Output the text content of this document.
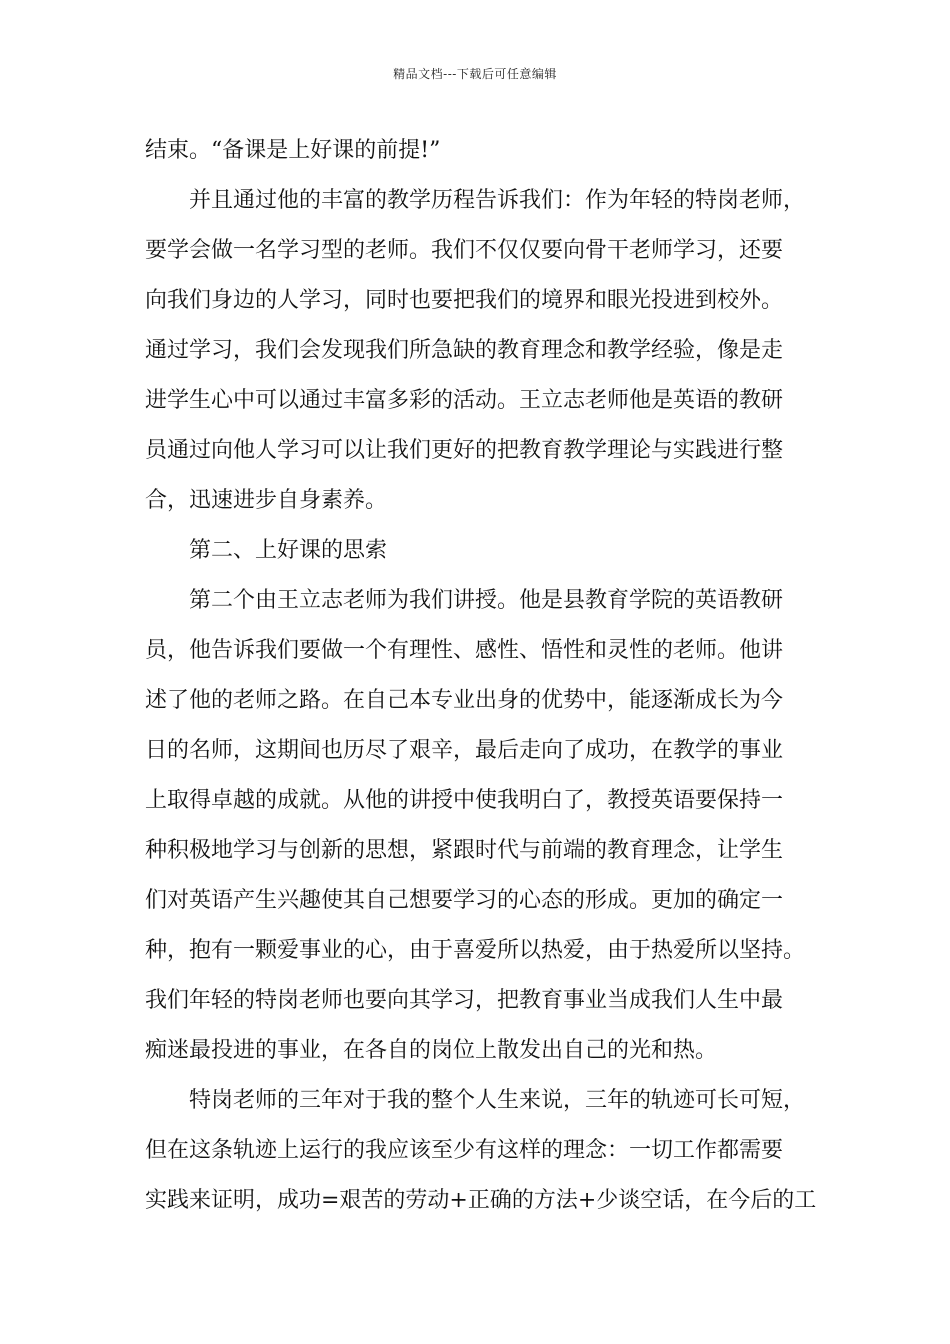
精品文档---下载后可任意编辑
结束。“备课是上好课的前提!”
并且通过他的丰富的教学历程告诉我们：作为年轻的特岗老师，
要学会做一名学习型的老师。我们不仅仅要向骨干老师学习，还要
向我们身边的人学习，同时也要把我们的境界和眼光投进到校外。
通过学习，我们会发现我们所急缺的教育理念和教学经验，像是走
进学生心中可以通过丰富多彩的活动。王立志老师他是英语的教研
员通过向他人学习可以让我们更好的把教育教学理论与实践进行整
合，迅速进步自身素养。
第二、上好课的思索
第二个由王立志老师为我们讲授。他是县教育学院的英语教研
员，他告诉我们要做一个有理性、感性、悟性和灵性的老师。他讲
述了他的老师之路。在自己本专业出身的优势中，能逐渐成长为今
日的名师，这期间也历尽了艰辛，最后走向了成功，在教学的事业
上取得卓越的成就。从他的讲授中使我明白了，教授英语要保持一
种积极地学习与创新的思想，紧跟时代与前端的教育理念，让学生
们对英语产生兴趣使其自己想要学习的心态的形成。更加的确定一
种，抱有一颗爱事业的心，由于喜爱所以热爱，由于热爱所以坚持。
我们年轻的特岗老师也要向其学习，把教育事业当成我们人生中最
痴迷最投进的事业，在各自的岗位上散发出自己的光和热。
特岗老师的三年对于我的整个人生来说，三年的轨迹可长可短，
但在这条轨迹上运行的我应该至少有这样的理念：一切工作都需要
实践来证明，成功=艰苦的劳动+正确的方法+少谈空话，在今后的工
